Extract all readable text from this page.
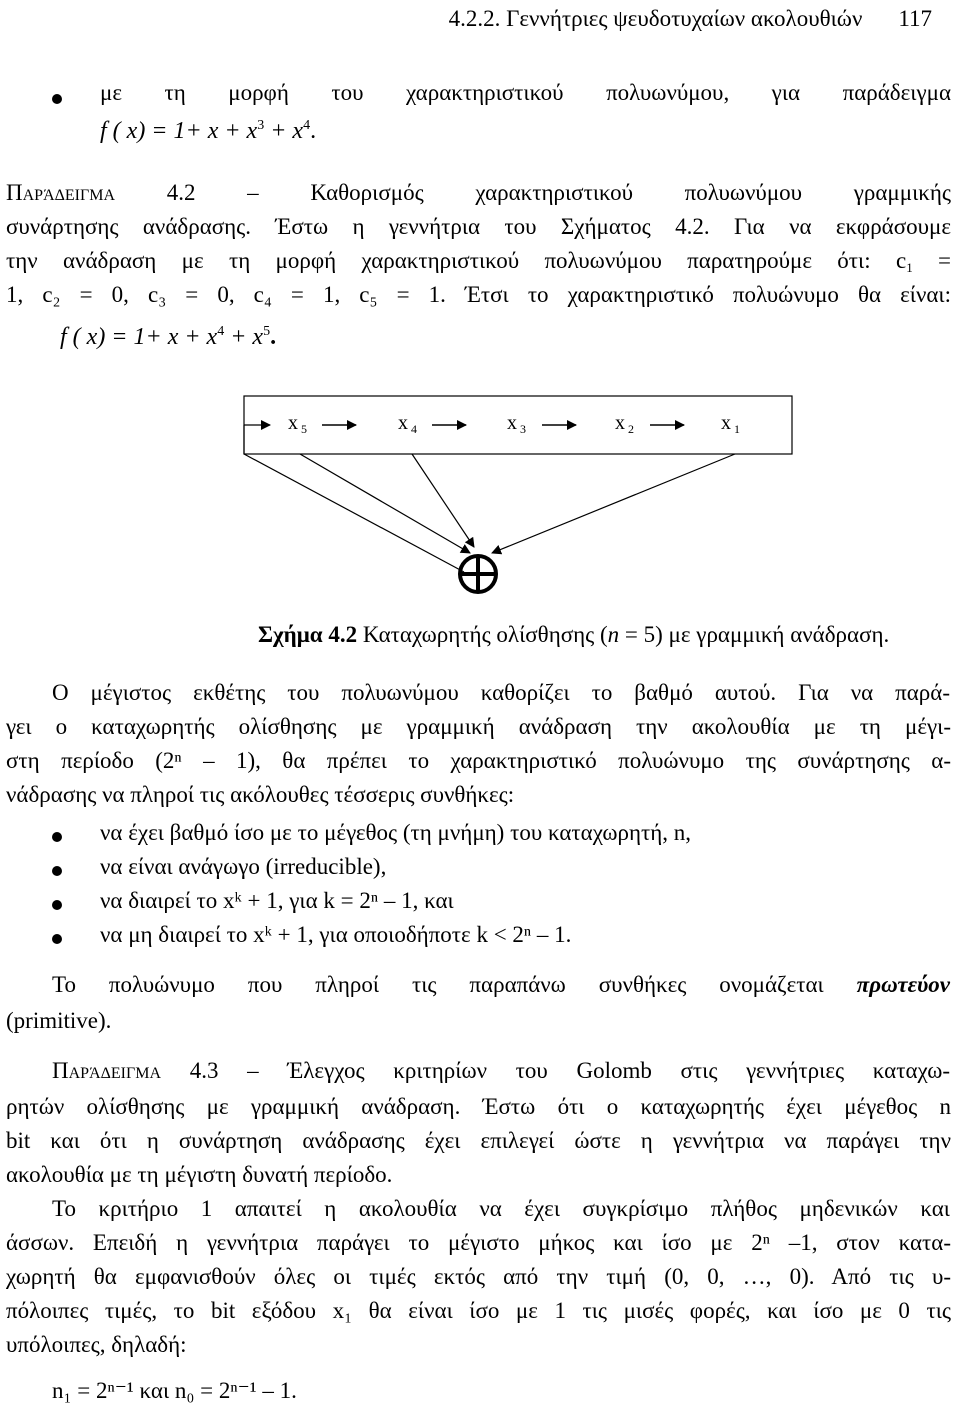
4.2.2. Γεννήτριες ψευδοτυχαίων ακολουθιών 117
με τη μορφή του χαρακτηριστικού πολυωνύμου, για παράδειγμα
f ( $x) = 1+ x + x^3 + x^4$.
Παράδειγμα 4.2 – Καθορισμός χαρακτηριστικού πολυωνύμου γραμμικής
συνάρτησης ανάδρασης. Έστω η γεννήτρια του Σχήματος 4.2. Για να εκφράσουμε
την ανάδραση με τη μορφή χαρακτηριστικού πολυωνύμου παρατηρούμε ότι: $c_1$ =
1, c₂ = 0, c₃ = 0, c₄ = 1, c₅ = 1. Έτσι το χαρακτηριστικό πολυώνυμο θα είναι:
f ( $x) = 1+ x + x^4 + x^5$.
x $_5$	x $_4$	x $_3$	x $_2$	x $_1$
Σχήμα 4.2 Καταχωρητής ολίσθησης (n = 5) με γραμμική ανάδραση.
Ο μέγιστος εκθέτης του πολυωνύμου καθορίζει το βαθμό αυτού. Για να παρά-
γει ο καταχωρητής ολίσθησης με γραμμική ανάδραση την ακολουθία με τη μέγι-
στη περίοδο (2ⁿ – 1), θα πρέπει το χαρακτηριστικό πολυώνυμο της συνάρτησης α-
νάδρασης να πληροί τις ακόλουθες τέσσερις συνθήκες:
να έχει βαθμό ίσο με το μέγεθος (τη μνήμη) του καταχωρητή, n,
να είναι ανάγωγο (irreducible),
να διαιρεί το xᵏ + 1, για k = 2ⁿ – 1, και
να μη διαιρεί το xᵏ + 1, για οποιοδήποτε k < 2ⁿ – 1.
Το πολυώνυμο που πληροί τις παραπάνω συνθήκες ονομάζεται πρωτεύον
(primitive).
Παράδειγμα 4.3 – Έλεγχος κριτηρίων του Golomb στις γεννήτριες καταχω-
ρητών ολίσθησης με γραμμική ανάδραση. Έστω ότι ο καταχωρητής έχει μέγεθος n
bit και ότι η συνάρτηση ανάδρασης έχει επιλεγεί ώστε η γεννήτρια να παράγει την
ακολουθία με τη μέγιστη δυνατή περίοδο.
Το κριτήριο 1 απαιτεί η ακολουθία να έχει συγκρίσιμο πλήθος μηδενικών και
άσσων. Επειδή η γεννήτρια παράγει το μέγιστο μήκος και ίσο με 2ⁿ –1, στον κατα-
χωρητή θα εμφανισθούν όλες οι τιμές εκτός από την τιμή (0, 0, …, 0). Από τις υ-
πόλοιπες τιμές, το bit εξόδου x₁ θα είναι ίσο με 1 τις μισές φορές, και ίσο με 0 τις
υπόλοιπες, δηλαδή:
n₁ = 2ⁿ⁻¹ και n₀ = 2ⁿ⁻¹ – 1.
